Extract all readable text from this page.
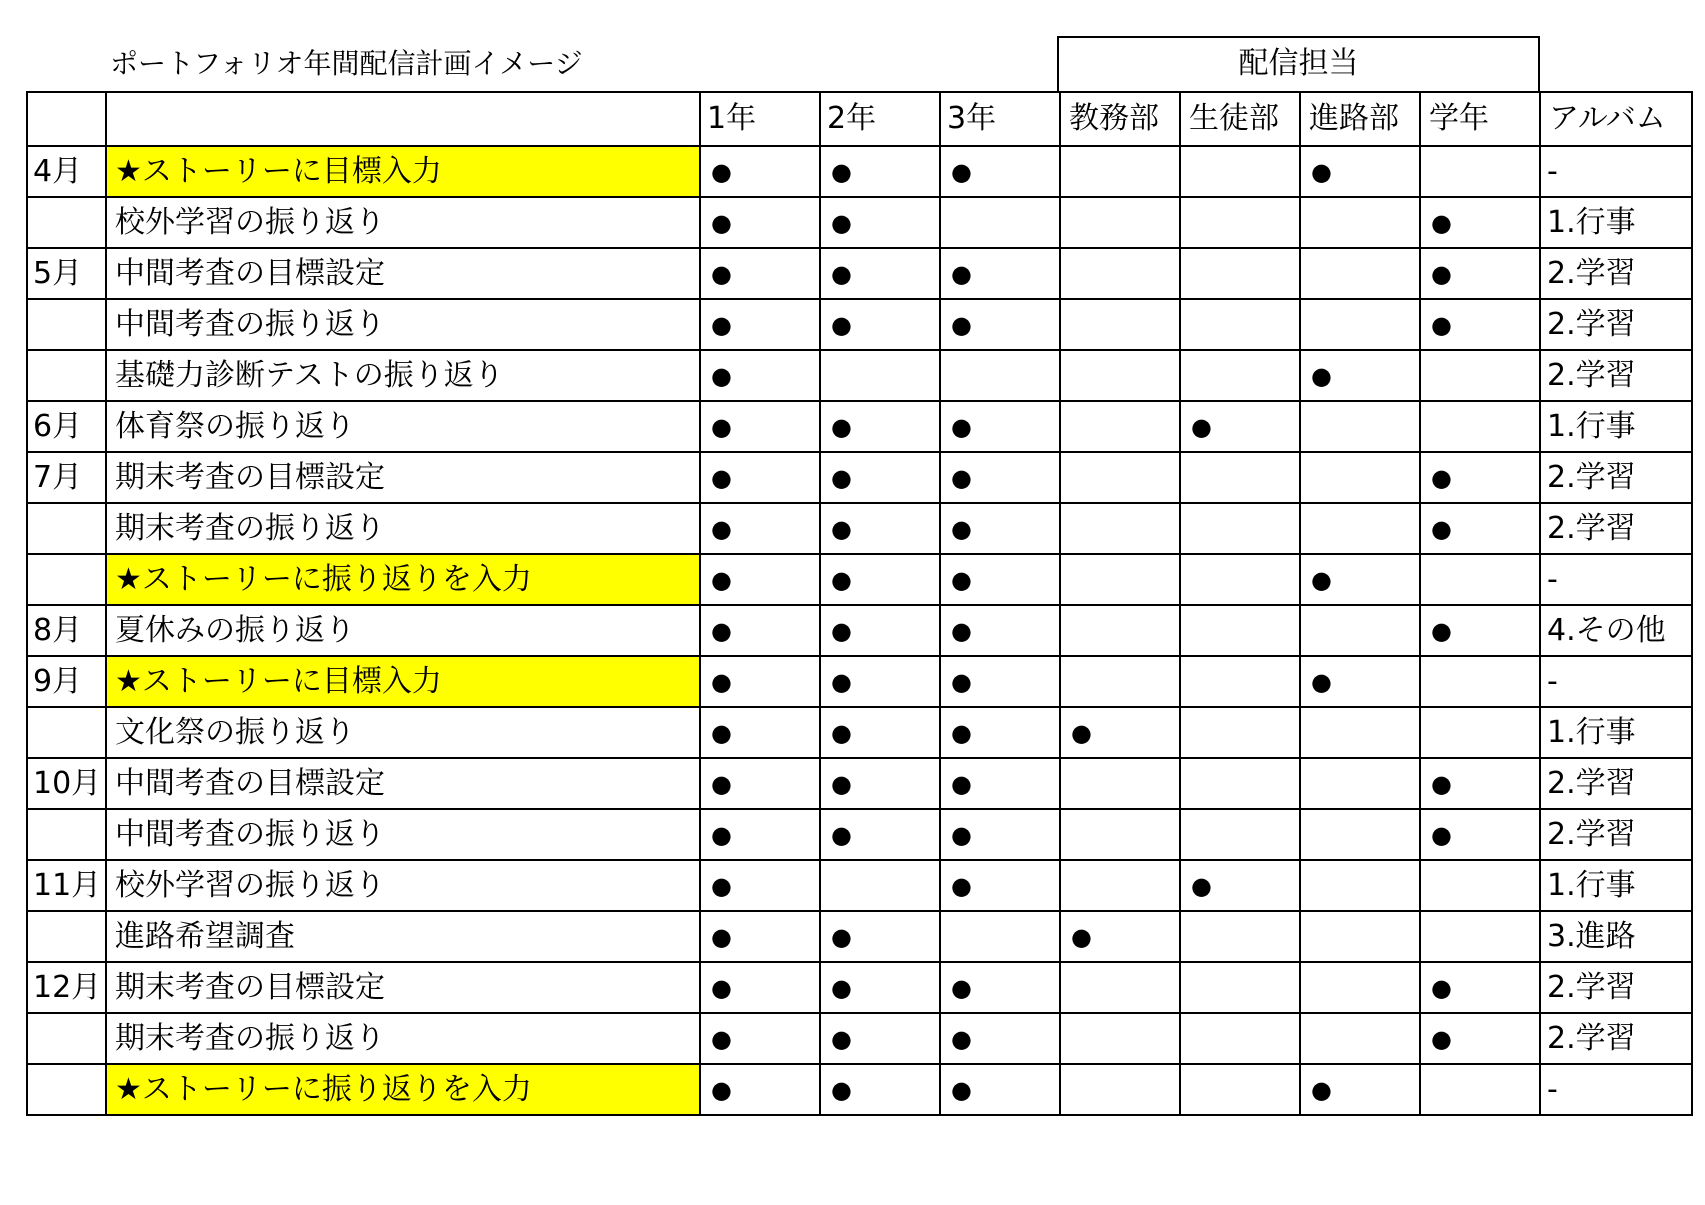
ポートフォリオ年間配信計画イメージ	配信担当
		1年	2年	3年	教務部	生徒部	進路部	学年	アルバム
4月	★ストーリーに目標入力	●	●	●			●		-
	校外学習の振り返り	●	●					●	1.行事
5月	中間考査の目標設定	●	●	●				●	2.学習
	中間考査の振り返り	●	●	●				●	2.学習
	基礎力診断テストの振り返り	●					●		2.学習
6月	体育祭の振り返り	●	●	●		●			1.行事
7月	期末考査の目標設定	●	●	●				●	2.学習
	期末考査の振り返り	●	●	●				●	2.学習
	★ストーリーに振り返りを入力	●	●	●			●		-
8月	夏休みの振り返り	●	●	●				●	4.その他
9月	★ストーリーに目標入力	●	●	●			●		-
	文化祭の振り返り	●	●	●	●				1.行事
10月	中間考査の目標設定	●	●	●				●	2.学習
	中間考査の振り返り	●	●	●				●	2.学習
11月	校外学習の振り返り	●		●		●			1.行事
	進路希望調査	●	●		●				3.進路
12月	期末考査の目標設定	●	●	●				●	2.学習
	期末考査の振り返り	●	●	●				●	2.学習
	★ストーリーに振り返りを入力	●	●	●			●		-
